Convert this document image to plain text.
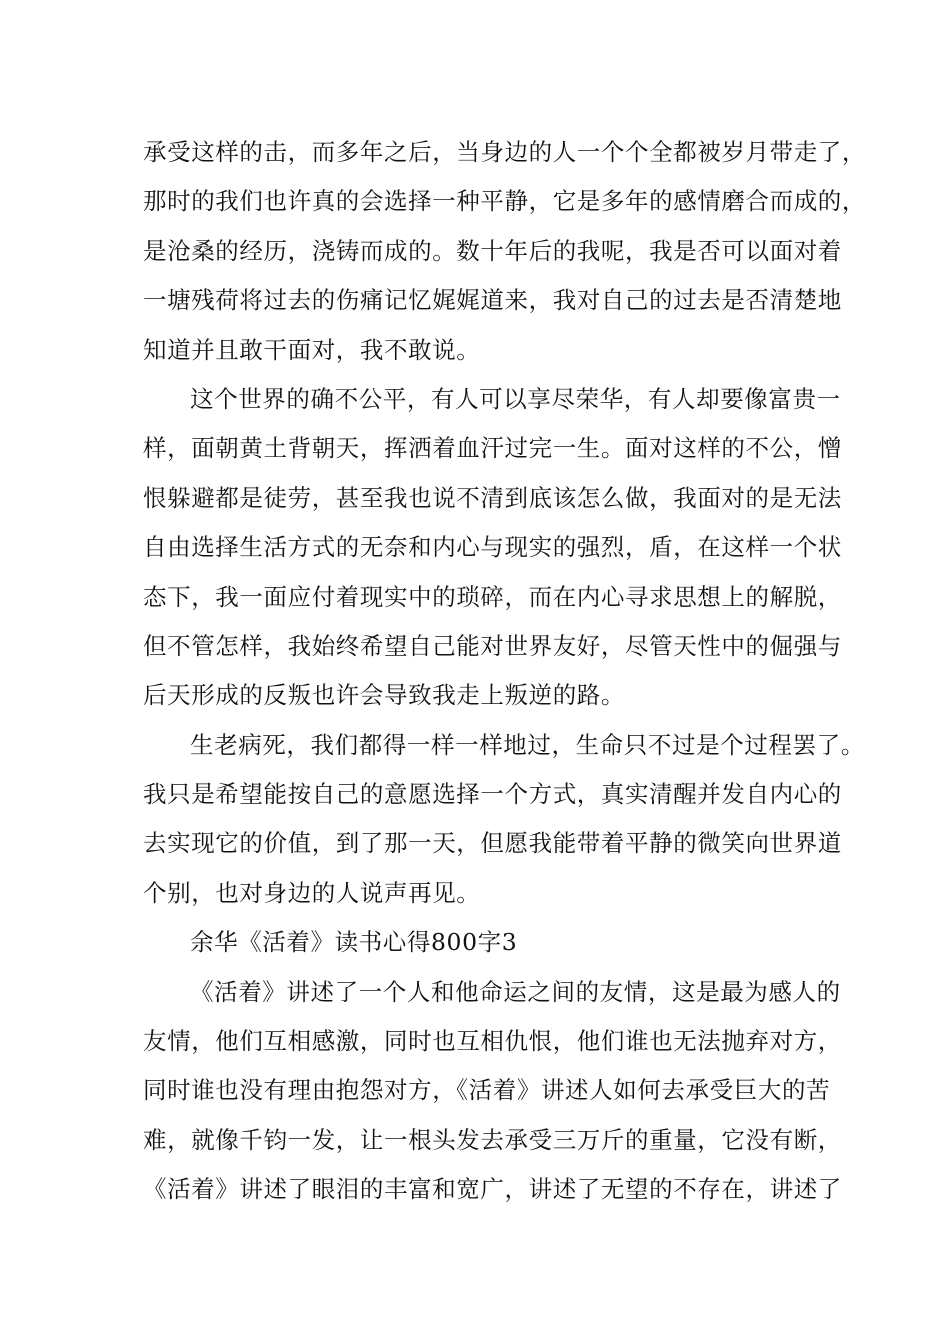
承受这样的击，而多年之后，当身边的人一个个全都被岁月带走了，
那时的我们也许真的会选择一种平静，它是多年的感情磨合而成的，
是沧桑的经历，浇铸而成的。数十年后的我呢，我是否可以面对着
一塘残荷将过去的伤痛记忆娓娓道来，我对自己的过去是否清楚地
知道并且敢干面对，我不敢说。
这个世界的确不公平，有人可以享尽荣华，有人却要像富贵一
样，面朝黄土背朝天，挥洒着血汗过完一生。面对这样的不公，憎
恨躲避都是徒劳，甚至我也说不清到底该怎么做，我面对的是无法
自由选择生活方式的无奈和内心与现实的强烈，盾，在这样一个状
态下，我一面应付着现实中的琐碎，而在内心寻求思想上的解脱，
但不管怎样，我始终希望自己能对世界友好，尽管天性中的倔强与
后天形成的反叛也许会导致我走上叛逆的路。
生老病死，我们都得一样一样地过，生命只不过是个过程罢了。
我只是希望能按自己的意愿选择一个方式，真实清醒并发自内心的
去实现它的价值，到了那一天，但愿我能带着平静的微笑向世界道
个别，也对身边的人说声再见。
余华《活着》读书心得800字3
《活着》讲述了一个人和他命运之间的友情，这是最为感人的
友情，他们互相感激，同时也互相仇恨，他们谁也无法抛弃对方，
同时谁也没有理由抱怨对方，《活着》讲述人如何去承受巨大的苦
难，就像千钧一发，让一根头发去承受三万斤的重量，它没有断，
《活着》讲述了眼泪的丰富和宽广，讲述了无望的不存在，讲述了
